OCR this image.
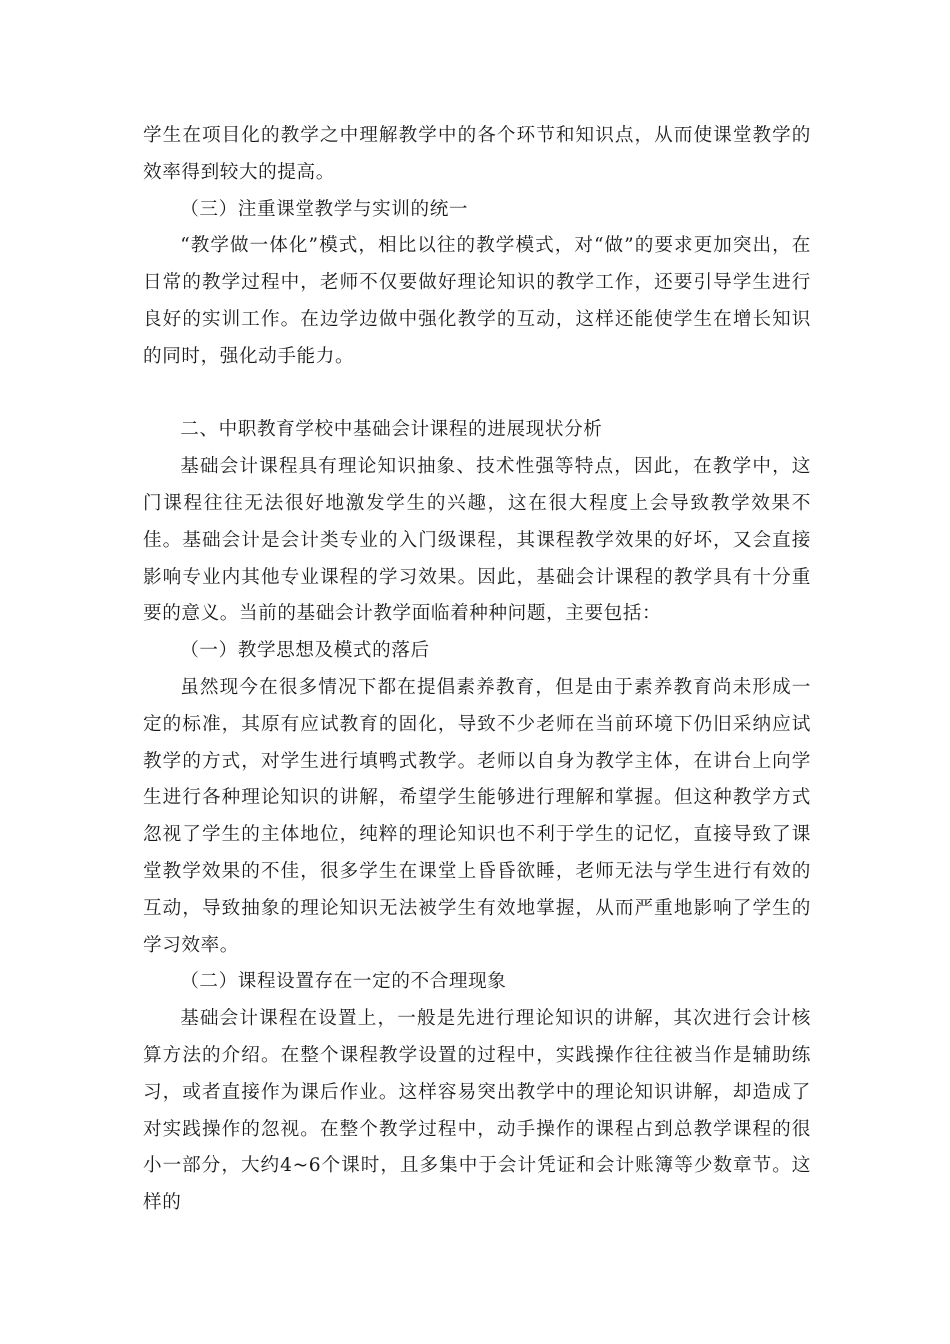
学生在项目化的教学之中理解教学中的各个环节和知识点，从而使课堂教学的效率得到较大的提高。

（三）注重课堂教学与实训的统一

“教学做一体化”模式，相比以往的教学模式，对“做”的要求更加突出，在日常的教学过程中，老师不仅要做好理论知识的教学工作，还要引导学生进行良好的实训工作。在边学边做中强化教学的互动，这样还能使学生在增长知识的同时，强化动手能力。

二、中职教育学校中基础会计课程的进展现状分析

基础会计课程具有理论知识抽象、技术性强等特点，因此，在教学中，这门课程往往无法很好地激发学生的兴趣，这在很大程度上会导致教学效果不佳。基础会计是会计类专业的入门级课程，其课程教学效果的好坏，又会直接影响专业内其他专业课程的学习效果。因此，基础会计课程的教学具有十分重要的意义。当前的基础会计教学面临着种种问题，主要包括：

（一）教学思想及模式的落后

虽然现今在很多情况下都在提倡素养教育，但是由于素养教育尚未形成一定的标准，其原有应试教育的固化，导致不少老师在当前环境下仍旧采纳应试教学的方式，对学生进行填鸭式教学。老师以自身为教学主体，在讲台上向学生进行各种理论知识的讲解，希望学生能够进行理解和掌握。但这种教学方式忽视了学生的主体地位，纯粹的理论知识也不利于学生的记忆，直接导致了课堂教学效果的不佳，很多学生在课堂上昏昏欲睡，老师无法与学生进行有效的互动，导致抽象的理论知识无法被学生有效地掌握，从而严重地影响了学生的学习效率。

（二）课程设置存在一定的不合理现象

基础会计课程在设置上，一般是先进行理论知识的讲解，其次进行会计核算方法的介绍。在整个课程教学设置的过程中，实践操作往往被当作是辅助练习，或者直接作为课后作业。这样容易突出教学中的理论知识讲解，却造成了对实践操作的忽视。在整个教学过程中，动手操作的课程占到总教学课程的很小一部分，大约4~6个课时，且多集中于会计凭证和会计账簿等少数章节。这样的
